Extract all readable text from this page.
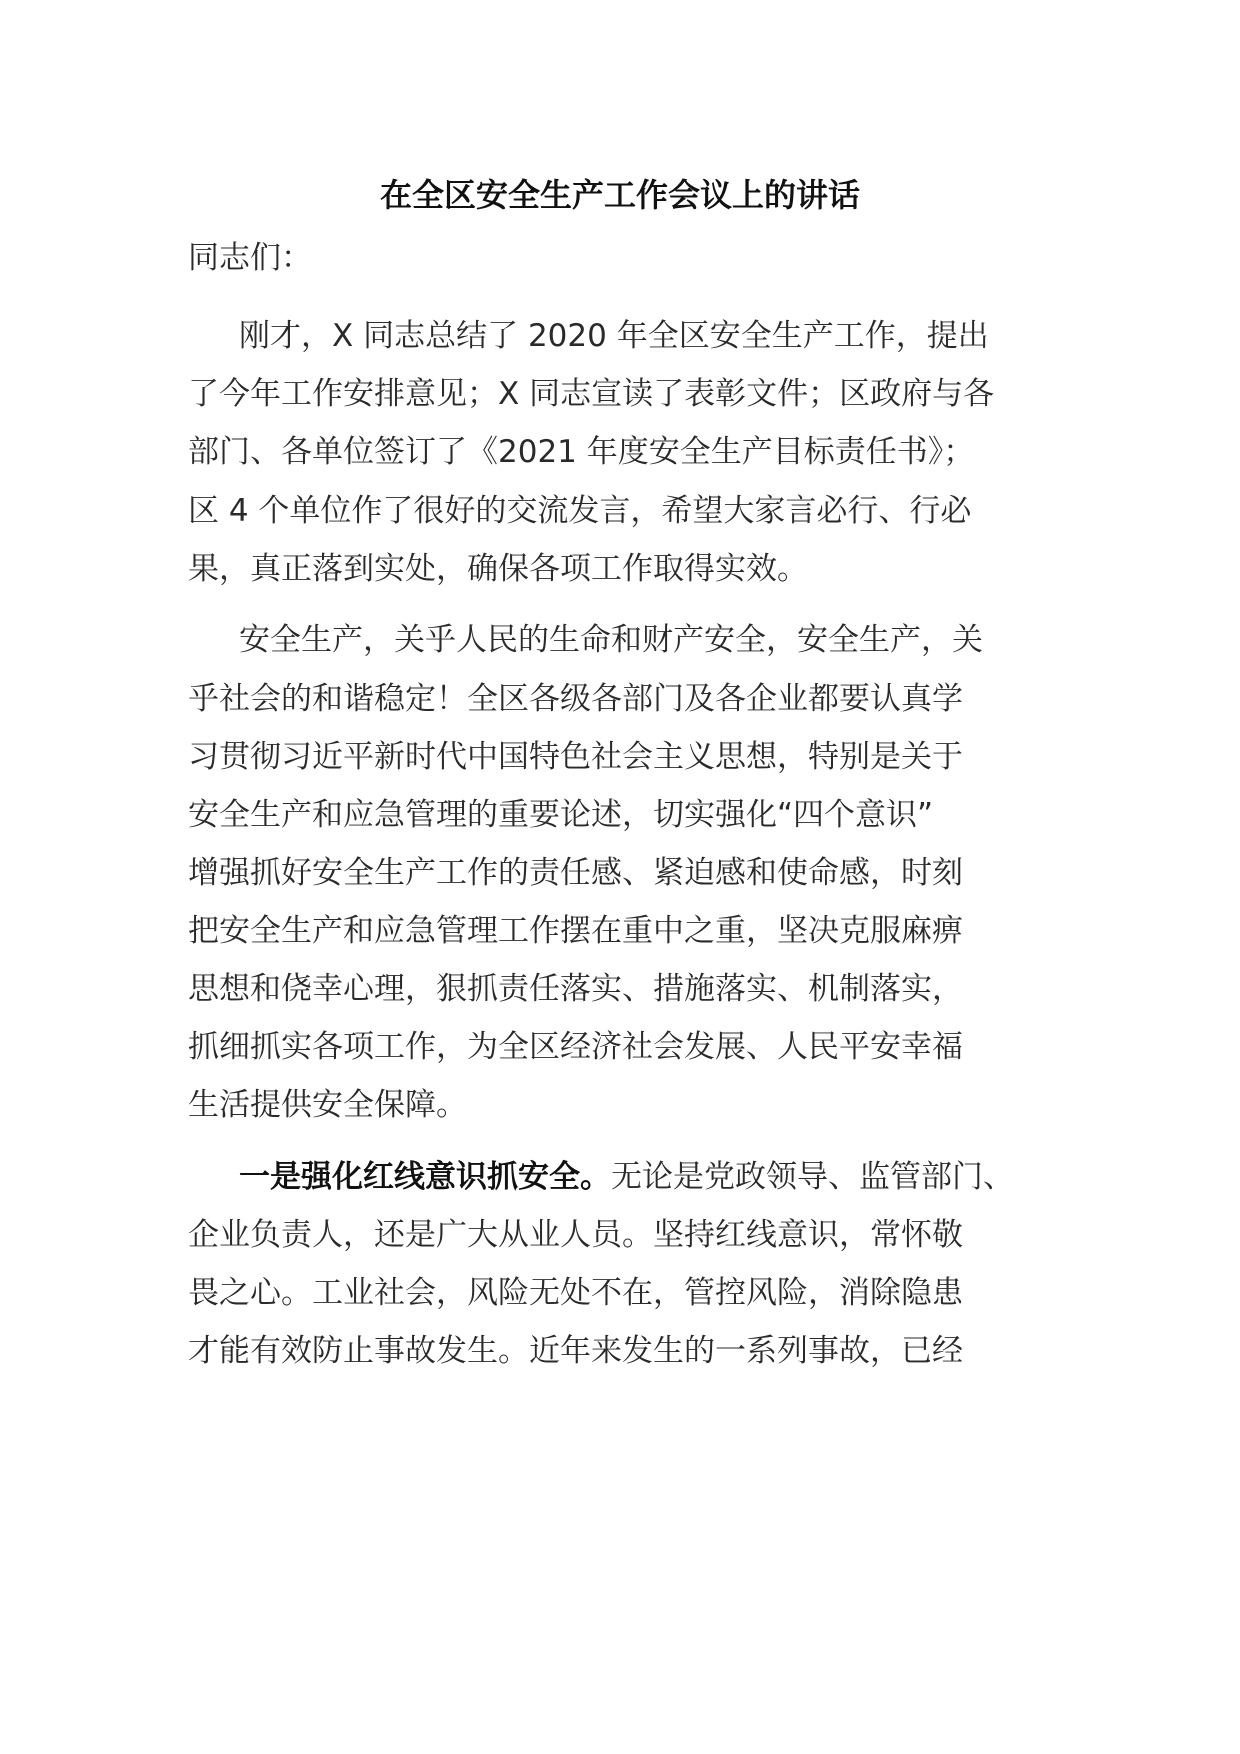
在全区安全生产工作会议上的讲话
同志们：
刚才，X 同志总结了 2020 年全区安全生产工作，提出
了今年工作安排意见；X 同志宣读了表彰文件；区政府与各
部门、各单位签订了《2021 年度安全生产目标责任书》；
区 4 个单位作了很好的交流发言，希望大家言必行、行必
果，真正落到实处，确保各项工作取得实效。
安全生产，关乎人民的生命和财产安全，安全生产，关
乎社会的和谐稳定！全区各级各部门及各企业都要认真学
习贯彻习近平新时代中国特色社会主义思想，特别是关于
安全生产和应急管理的重要论述，切实强化“四个意识”
增强抓好安全生产工作的责任感、紧迫感和使命感，时刻
把安全生产和应急管理工作摆在重中之重，坚决克服麻痹
思想和侥幸心理，狠抓责任落实、措施落实、机制落实，
抓细抓实各项工作，为全区经济社会发展、人民平安幸福
生活提供安全保障。
一是强化红线意识抓安全。无论是党政领导、监管部门、
企业负责人，还是广大从业人员。坚持红线意识，常怀敬
畏之心。工业社会，风险无处不在，管控风险，消除隐患
才能有效防止事故发生。近年来发生的一系列事故，已经
